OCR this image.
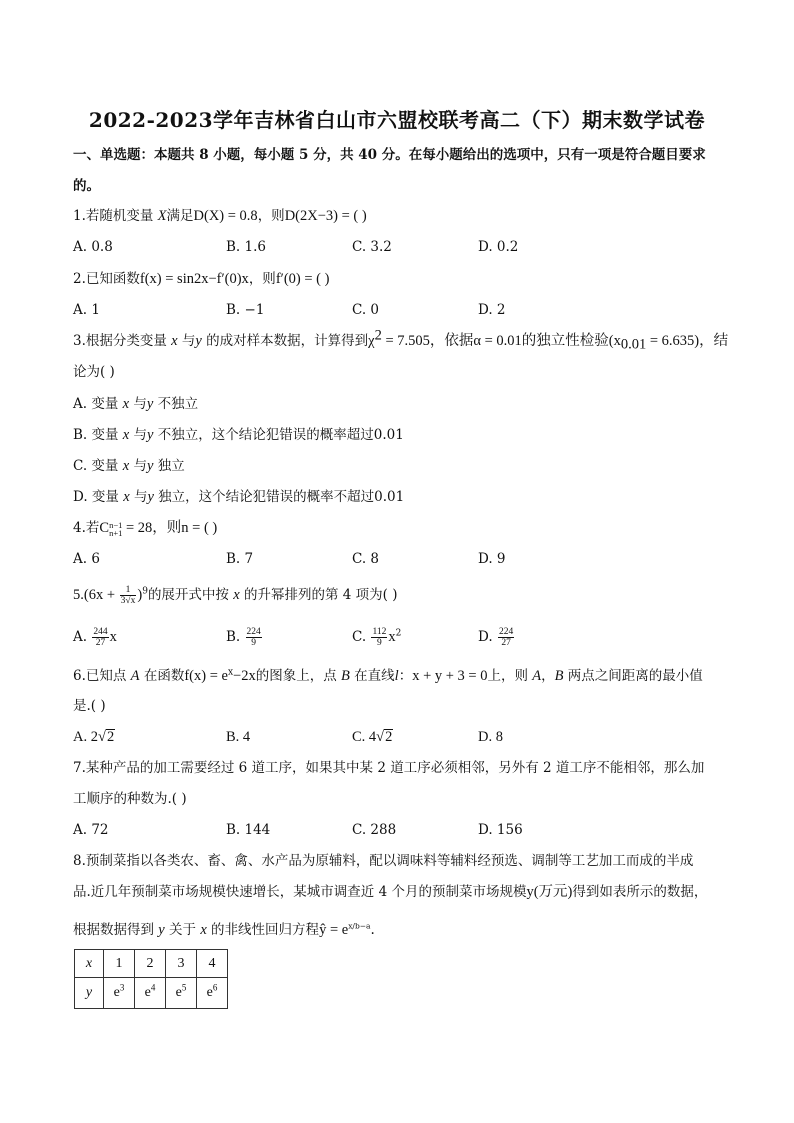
2022-2023学年吉林省白山市六盟校联考高二（下）期末数学试卷
一、单选题：本题共 8 小题，每小题 5 分，共 40 分。在每小题给出的选项中，只有一项是符合题目要求
的。
1.若随机变量 X满足D(X) = 0.8，则D(2X−3) = ( )
A. 0.8	B. 1.6	C. 3.2	D. 0.2
2.已知函数f(x) = sin2x−f′(0)x，则f′(0) = ( )
A. 1	B. −1	C. 0	D. 2
3.根据分类变量 x 与y 的成对样本数据，计算得到$\chi^2 = 7.505$，依据α = 0.01的独立性检验$(x_{0.01} = 6.635)$，结
论为( )
A. 变量 x 与y 不独立
B. 变量 x 与y 不独立，这个结论犯错误的概率超过0.01
C. 变量 x 与y 独立
D. 变量 x 与y 独立，这个结论犯错误的概率不超过0.01
4.若C n−1
n+1 = 28，则n = ( )
A. 6	B. 7	C. 8	D. 9
$5.(6x + \frac{1}{3√x} )^9$的展开式中按 x 的升幂排列的第 4 项为( )
A. $\frac{244}{27}$ x	B. $\frac{224}{9}$	C. $\frac{112}{9} x^2$	D. $\frac{224}{27}$
6.已知点 A 在函数$f(x) = e^x-2x$的图象上，点 B 在直线l：x + y + 3 = 0上，则 A，B 两点之间距离的最小值
是.( )
A. 2√2	B. 4	C. 4√2	D. 8
7.某种产品的加工需要经过 6 道工序，如果其中某 2 道工序必须相邻，另外有 2 道工序不能相邻，那么加
工顺序的种数为.( )
A. 72	B. 144	C. 288	D. 156
8.预制菜指以各类农、畜、禽、水产品为原辅料，配以调味料等辅料经预选、调制等工艺加工而成的半成
品.近几年预制菜市场规模快速增长，某城市调查近 4 个月的预制菜市场规模y(万元)得到如表所示的数据，
根据数据得到 y 关于 x 的非线性回归方程ŷ = $e^{x/b-a}$.
x	1	2	3	4
y	$e^3$	$e^4$	$e^5$	$e^6$
